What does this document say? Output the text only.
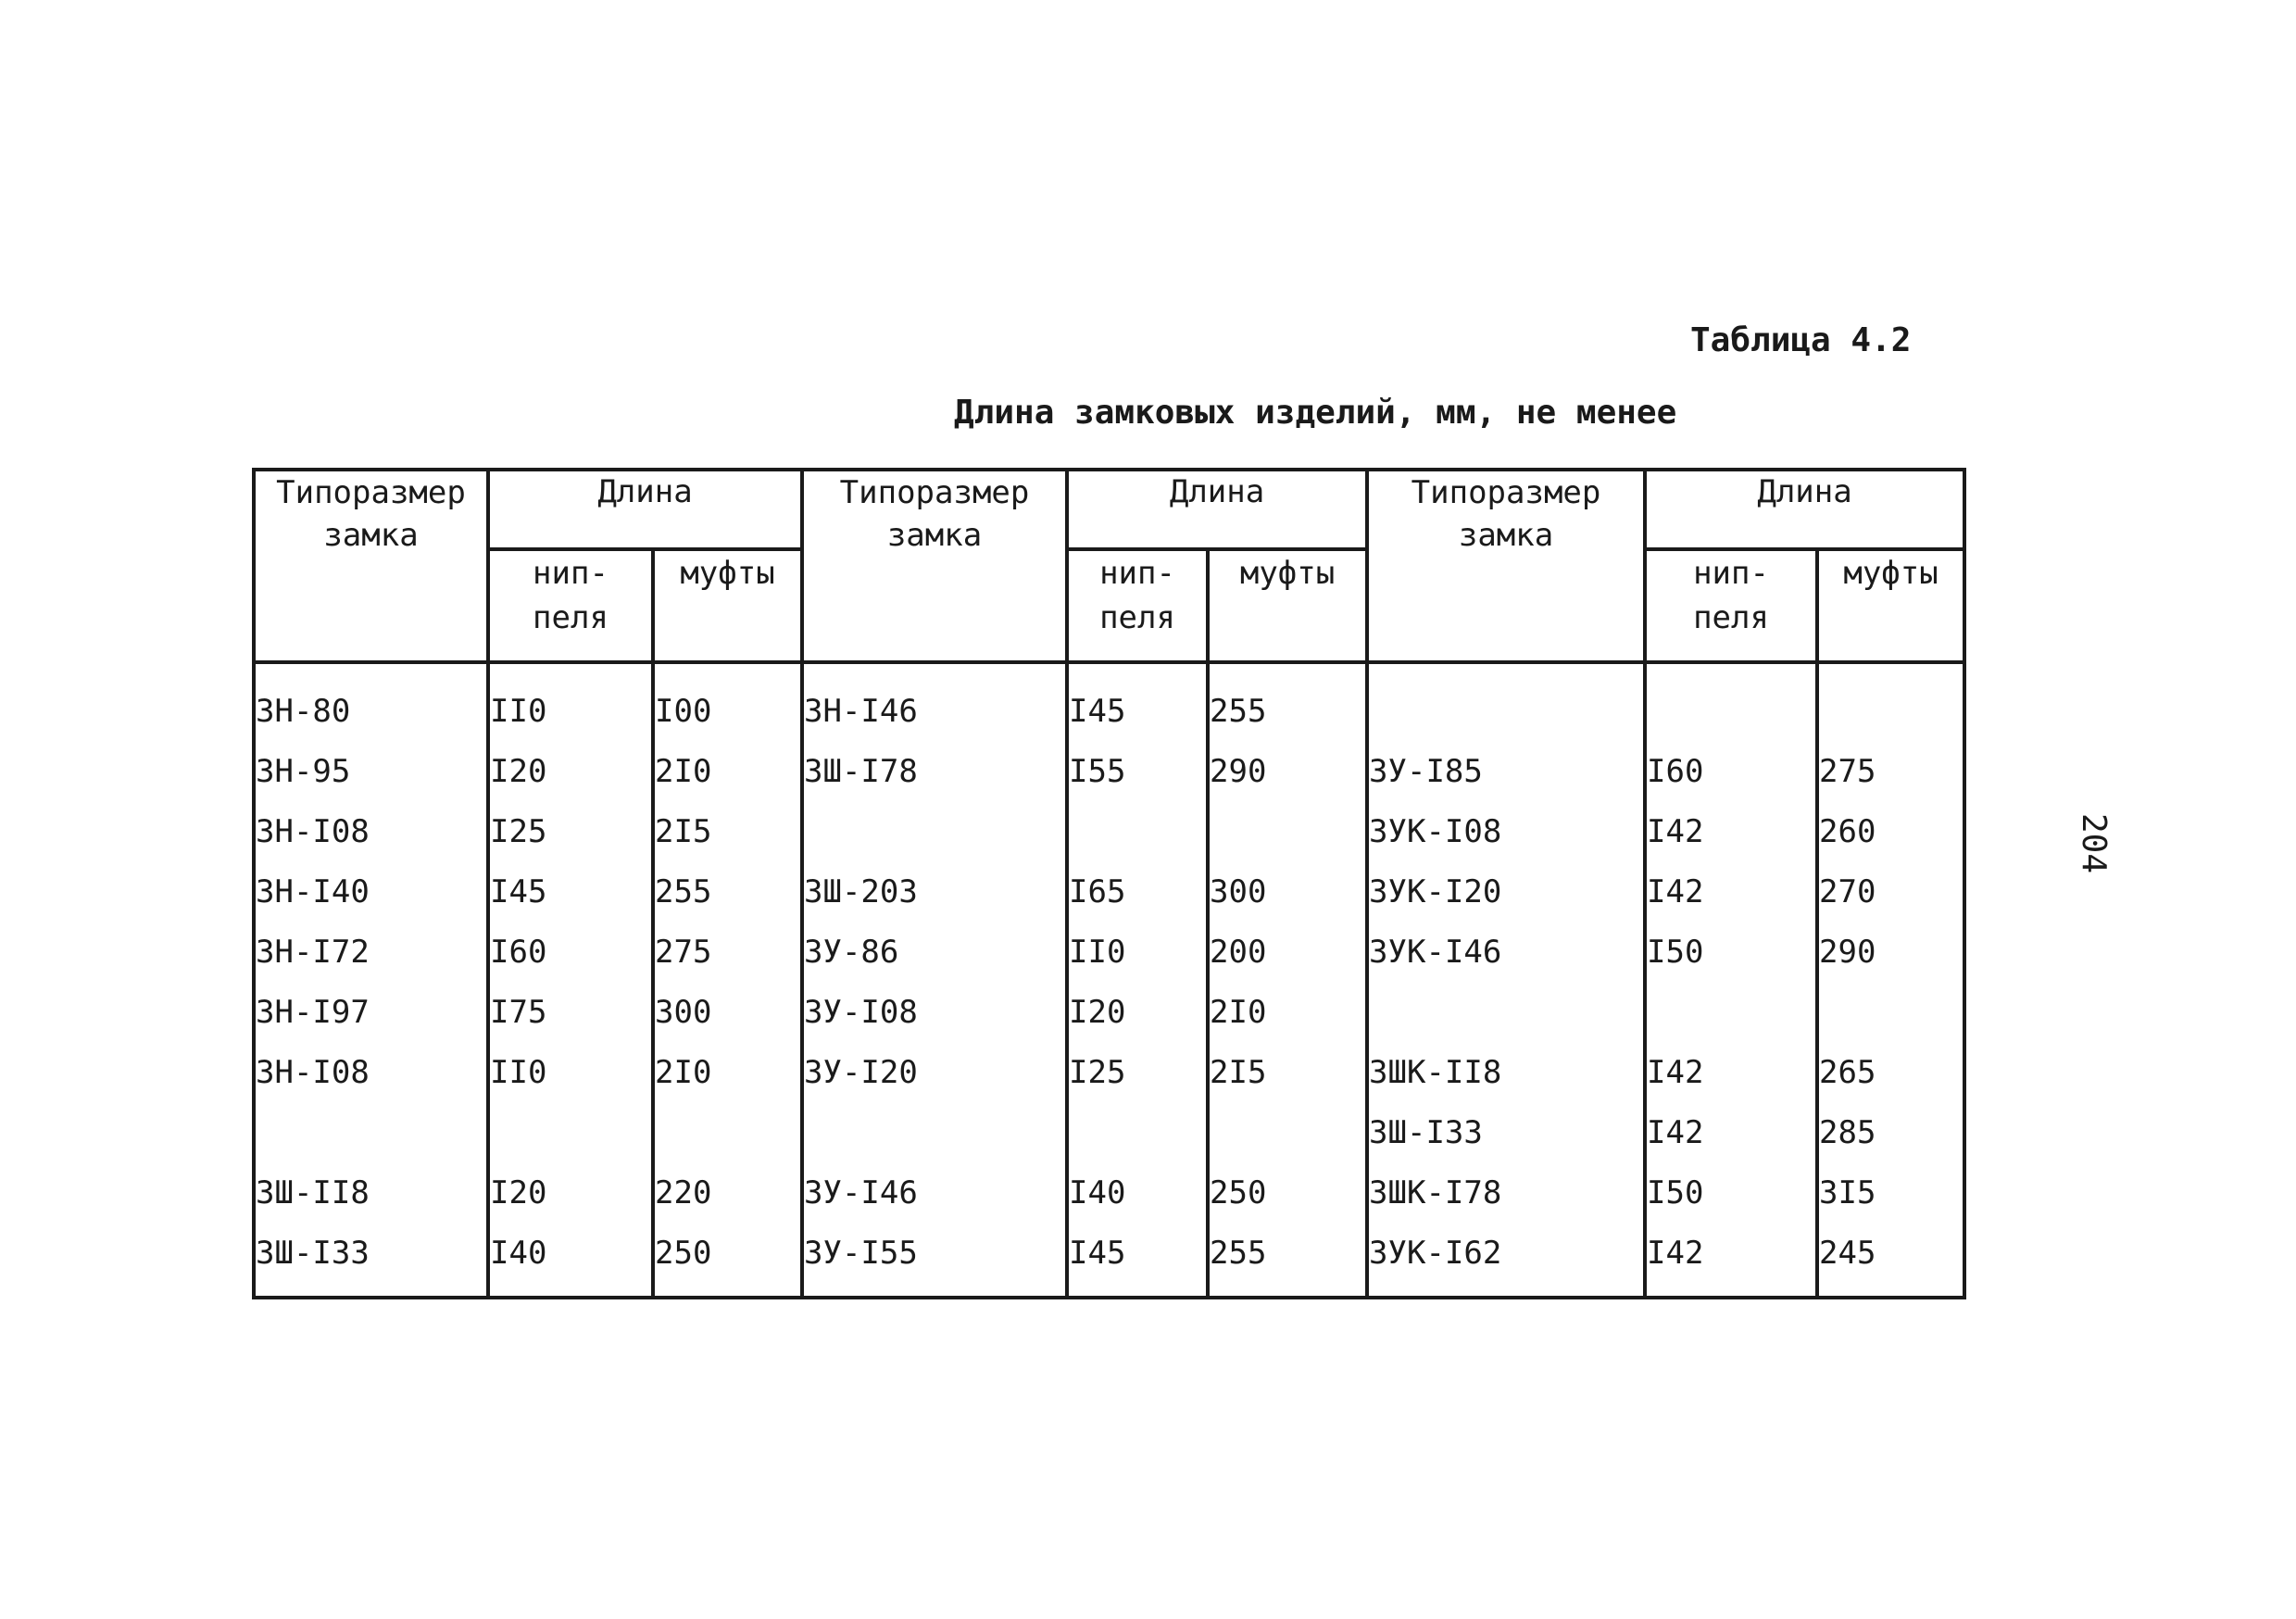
Таблица 4.2
Длина замковых изделий, мм, не менее
204
Типоразмер замка	Длина		Типоразмер замка	Длина		Типоразмер замка	Длина	
	нип- пеля	муфты		нип- пеля	муфты		нип- пеля	муфты
ЗН-80	II0	I00	ЗН-I46	I45	255			
ЗН-95	I20	2I0	ЗШ-I78	I55	290	ЗУ-I85	I60	275
ЗН-I08	I25	2I5				ЗУК-I08	I42	260
ЗН-I40	I45	255	ЗШ-203	I65	300	ЗУК-I20	I42	270
ЗН-I72	I60	275	ЗУ-86	II0	200	ЗУК-I46	I50	290
ЗН-I97	I75	300	ЗУ-I08	I20	2I0			
ЗН-I08	II0	2I0	ЗУ-I20	I25	2I5	ЗШК-II8	I42	265
						ЗШ-I33	I42	285
ЗШ-II8	I20	220	ЗУ-I46	I40	250	ЗШК-I78	I50	3I5
ЗШ-I33	I40	250	ЗУ-I55	I45	255	ЗУК-I62	I42	245
